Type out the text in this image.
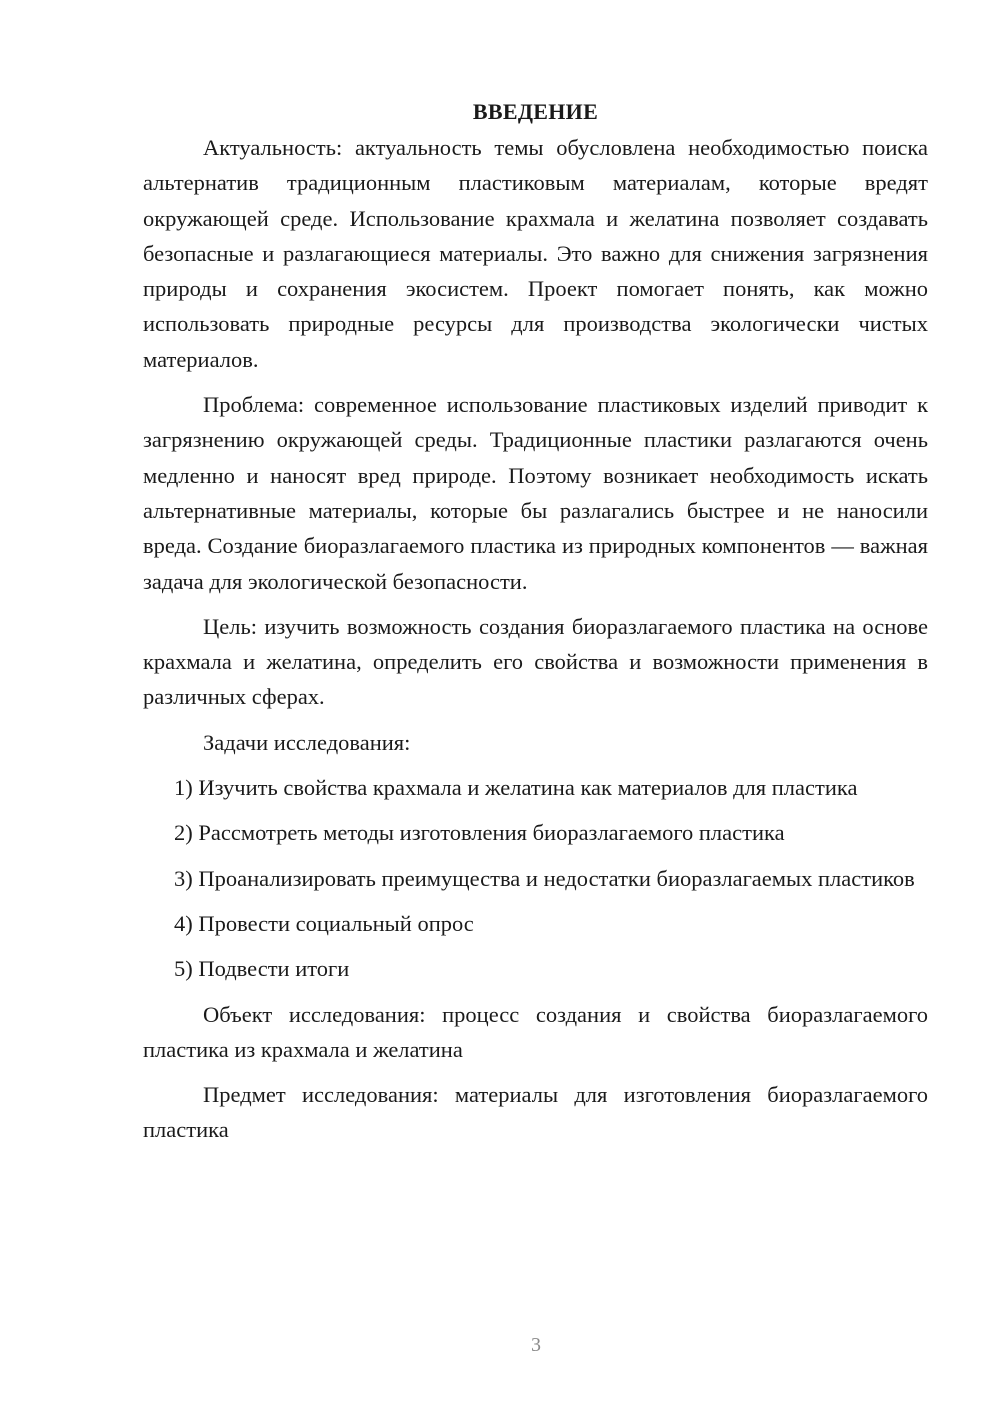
ВВЕДЕНИЕ

Актуальность: актуальность темы обусловлена необходимостью поиска альтернатив традиционным пластиковым материалам, которые вредят окружающей среде. Использование крахмала и желатина позволяет создавать безопасные и разлагающиеся материалы. Это важно для снижения загрязнения природы и сохранения экосистем. Проект помогает понять, как можно использовать природные ресурсы для производства экологически чистых материалов.

Проблема: современное использование пластиковых изделий приводит к загрязнению окружающей среды. Традиционные пластики разлагаются очень медленно и наносят вред природе. Поэтому возникает необходимость искать альтернативные материалы, которые бы разлагались быстрее и не наносили вреда. Создание биоразлагаемого пластика из природных компонентов — важная задача для экологической безопасности.

Цель: изучить возможность создания биоразлагаемого пластика на основе крахмала и желатина, определить его свойства и возможности применения в различных сферах.

Задачи исследования:

1) Изучить свойства крахмала и желатина как материалов для пластика

2) Рассмотреть методы изготовления биоразлагаемого пластика

3) Проанализировать преимущества и недостатки биоразлагаемых пластиков

4) Провести социальный опрос

5) Подвести итоги

Объект исследования: процесс создания и свойства биоразлагаемого пластика из крахмала и желатина

Предмет исследования: материалы для изготовления биоразлагаемого пластика

3
